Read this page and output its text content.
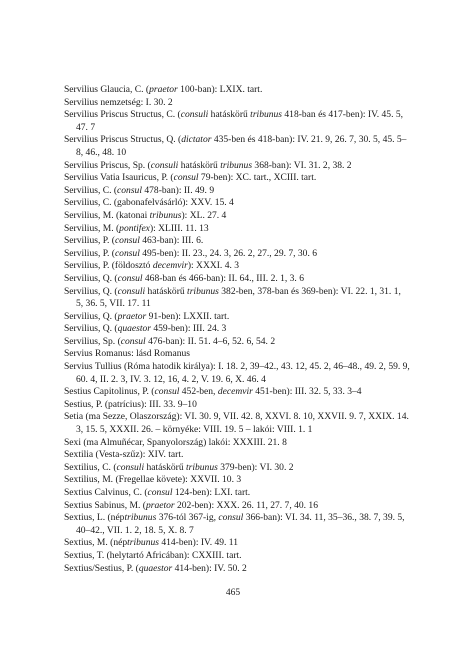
Servilius Glaucia, C. (praetor 100-ban): LXIX. tart.

Servilius nemzetség: I. 30. 2

Servilius Priscus Structus, C. (consuli hatáskörű tribunus 418-ban és 417-ben): IV. 45. 5, 47. 7

Servilius Priscus Structus, Q. (dictator 435-ben és 418-ban): IV. 21. 9, 26. 7, 30. 5, 45. 5–8, 46., 48. 10

Servilius Priscus, Sp. (consuli hatáskörű tribunus 368-ban): VI. 31. 2, 38. 2

Servilius Vatia Isauricus, P. (consul 79-ben): XC. tart., XCIII. tart.

Servilius, C. (consul 478-ban): II. 49. 9

Servilius, C. (gabonafelvásárló): XXV. 15. 4

Servilius, M. (katonai tribunus): XL. 27. 4

Servilius, M. (pontifex): XLIII. 11. 13

Servilius, P. (consul 463-ban): III. 6.

Servilius, P. (consul 495-ben): II. 23., 24. 3, 26. 2, 27., 29. 7, 30. 6

Servilius, P. (földosztó decemvir): XXXI. 4. 3

Servilius, Q. (consul 468-ban és 466-ban): II. 64., III. 2. 1, 3. 6

Servilius, Q. (consuli hatáskörű tribunus 382-ben, 378-ban és 369-ben): VI. 22. 1, 31. 1, 5, 36. 5, VII. 17. 11

Servilius, Q. (praetor 91-ben): LXXII. tart.

Servilius, Q. (quaestor 459-ben): III. 24. 3

Servilius, Sp. (consul 476-ban): II. 51. 4–6, 52. 6, 54. 2

Servius Romanus: lásd Romanus

Servius Tullius (Róma hatodik királya): I. 18. 2, 39–42., 43. 12, 45. 2, 46–48., 49. 2, 59. 9, 60. 4, II. 2. 3, IV. 3. 12, 16, 4. 2, V. 19. 6, X. 46. 4

Sestius Capitolinus, P. (consul 452-ben, decemvir 451-ben): III. 32. 5, 33. 3–4

Sestius, P. (patrícius): III. 33. 9–10

Setia (ma Sezze, Olaszország): VI. 30. 9, VII. 42. 8, XXVI. 8. 10, XXVII. 9. 7, XXIX. 14. 3, 15. 5, XXXII. 26. – környéke: VIII. 19. 5 – lakói: VIII. 1. 1

Sexi (ma Almuñécar, Spanyolország) lakói: XXXIII. 21. 8

Sextilia (Vesta-szűz): XIV. tart.

Sextilius, C. (consuli hatáskörű tribunus 379-ben): VI. 30. 2

Sextilius, M. (Fregellae követe): XXVII. 10. 3

Sextius Calvinus, C. (consul 124-ben): LXI. tart.

Sextius Sabinus, M. (praetor 202-ben): XXX. 26. 11, 27. 7, 40. 16

Sextius, L. (néptribunus 376-tól 367-ig, consul 366-ban): VI. 34. 11, 35–36., 38. 7, 39. 5, 40–42., VII. 1. 2, 18. 5, X. 8. 7

Sextius, M. (néptribunus 414-ben): IV. 49. 11

Sextius, T. (helytartó Africában): CXXIII. tart.

Sextius/Sestius, P. (quaestor 414-ben): IV. 50. 2

465
